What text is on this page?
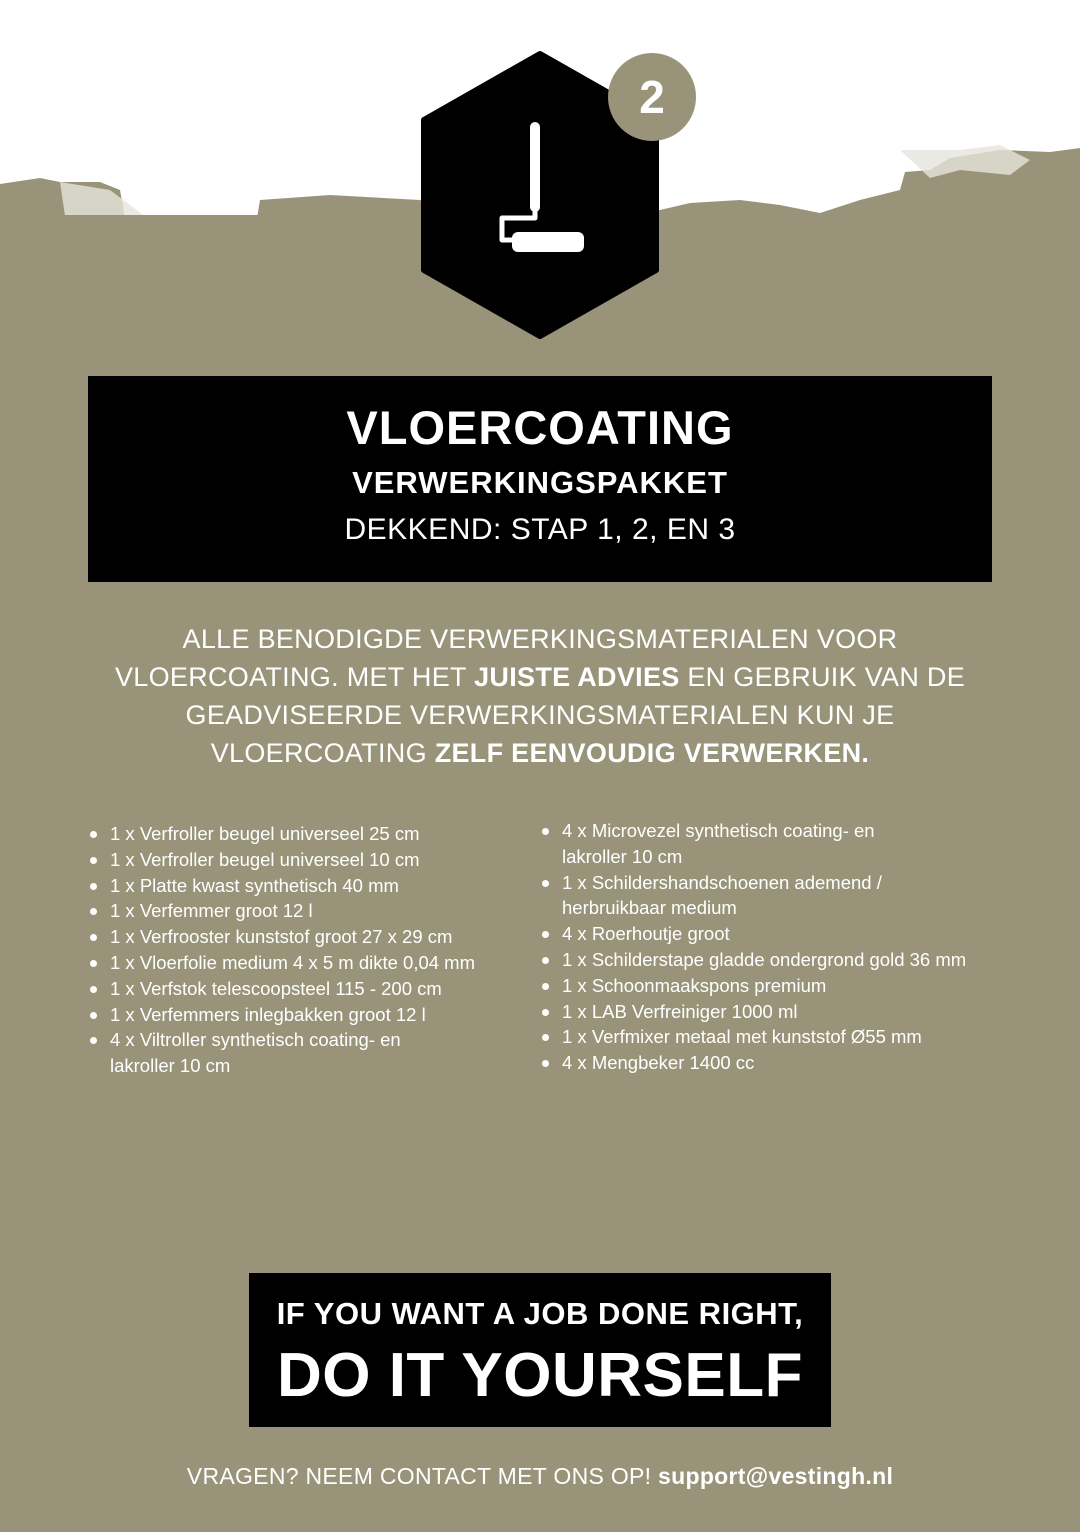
2
VLOERCOATING
VERWERKINGSPAKKET
DEKKEND: STAP 1, 2, EN 3
ALLE BENODIGDE VERWERKINGSMATERIALEN VOOR VLOERCOATING. MET HET JUISTE ADVIES EN GEBRUIK VAN DE GEADVISEERDE VERWERKINGSMATERIALEN KUN JE VLOERCOATING ZELF EENVOUDIG VERWERKEN.
1 x Verfroller beugel universeel 25 cm
1 x Verfroller beugel universeel 10 cm
1 x Platte kwast synthetisch 40 mm
1 x Verfemmer groot 12 l
1 x Verfrooster kunststof groot 27 x 29 cm
1 x Vloerfolie medium 4 x 5 m dikte 0,04 mm
1 x Verfstok telescoopsteel 115 - 200 cm
1 x Verfemmers inlegbakken groot 12 l
4 x Viltroller synthetisch coating- en
lakroller 10 cm
4 x Microvezel synthetisch coating- en
lakroller 10 cm
1 x Schildershandschoenen ademend /
herbruikbaar medium
4 x Roerhoutje groot
1 x Schilderstape gladde ondergrond gold 36 mm
1 x Schoonmaakspons premium
1 x LAB Verfreiniger 1000 ml
1 x Verfmixer metaal met kunststof Ø55 mm
4 x Mengbeker 1400 cc
IF YOU WANT A JOB DONE RIGHT,
DO IT YOURSELF
VRAGEN? NEEM CONTACT MET ONS OP! support@vestingh.nl
